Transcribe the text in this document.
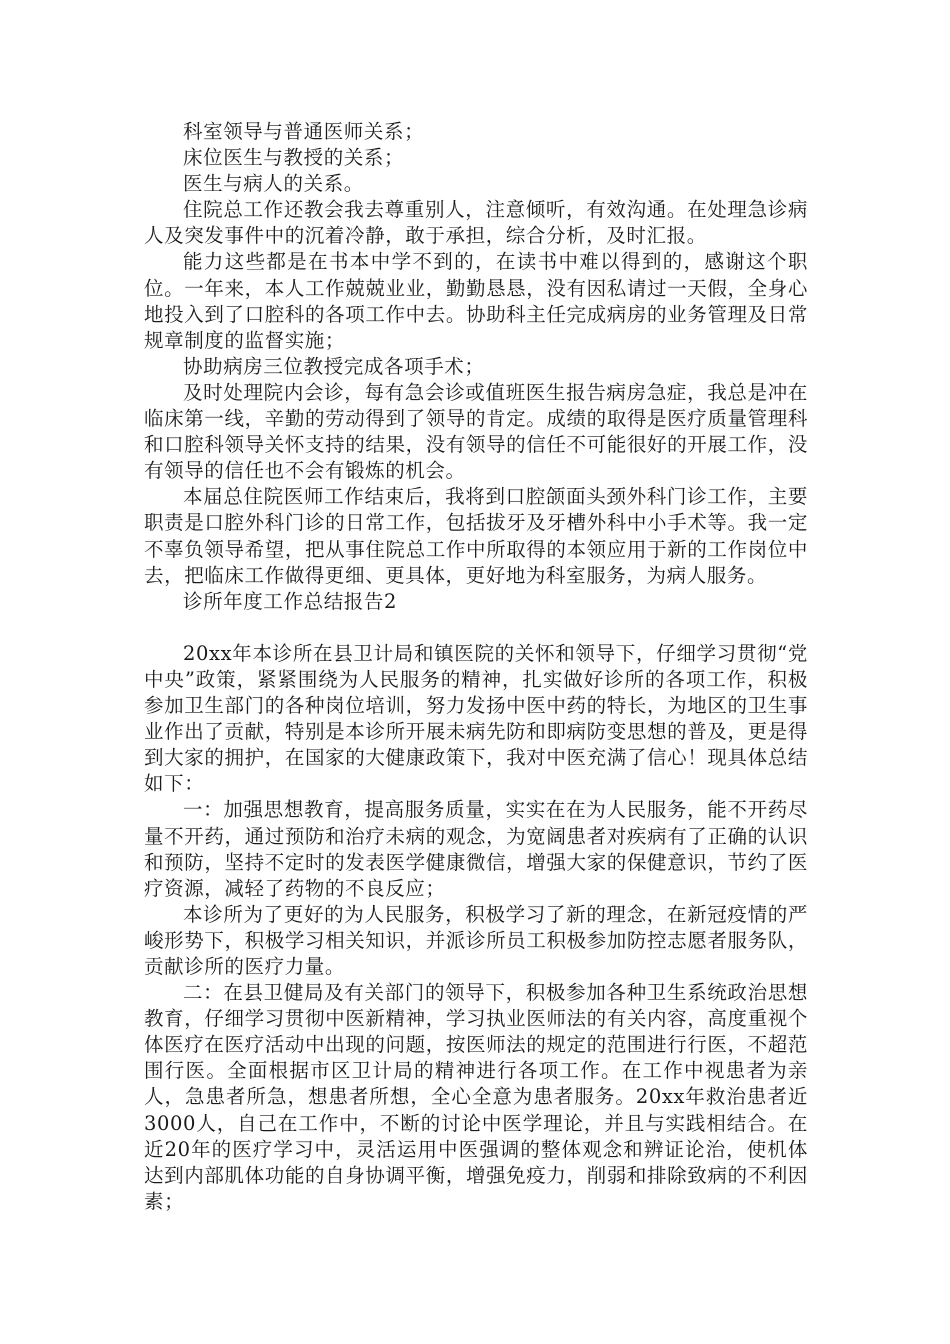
科室领导与普通医师关系；

床位医生与教授的关系；

医生与病人的关系。

住院总工作还教会我去尊重别人，注意倾听，有效沟通。在处理急诊病人及突发事件中的沉着冷静，敢于承担，综合分析，及时汇报。

能力这些都是在书本中学不到的，在读书中难以得到的，感谢这个职位。一年来，本人工作兢兢业业，勤勤恳恳，没有因私请过一天假，全身心地投入到了口腔科的各项工作中去。协助科主任完成病房的业务管理及日常规章制度的监督实施；

协助病房三位教授完成各项手术；

及时处理院内会诊，每有急会诊或值班医生报告病房急症，我总是冲在临床第一线，辛勤的劳动得到了领导的肯定。成绩的取得是医疗质量管理科和口腔科领导关怀支持的结果，没有领导的信任不可能很好的开展工作，没有领导的信任也不会有锻炼的机会。

本届总住院医师工作结束后，我将到口腔颌面头颈外科门诊工作，主要职责是口腔外科门诊的日常工作，包括拔牙及牙槽外科中小手术等。我一定不辜负领导希望，把从事住院总工作中所取得的本领应用于新的工作岗位中去，把临床工作做得更细、更具体，更好地为科室服务，为病人服务。

诊所年度工作总结报告2

20xx年本诊所在县卫计局和镇医院的关怀和领导下，仔细学习贯彻“党中央”政策，紧紧围绕为人民服务的精神，扎实做好诊所的各项工作，积极参加卫生部门的各种岗位培训，努力发扬中医中药的特长，为地区的卫生事业作出了贡献，特别是本诊所开展未病先防和即病防变思想的普及，更是得到大家的拥护，在国家的大健康政策下，我对中医充满了信心！现具体总结如下：

一：加强思想教育，提高服务质量，实实在在为人民服务，能不开药尽量不开药，通过预防和治疗未病的观念，为宽阔患者对疾病有了正确的认识和预防，坚持不定时的发表医学健康微信，增强大家的保健意识，节约了医疗资源，减轻了药物的不良反应；

本诊所为了更好的为人民服务，积极学习了新的理念，在新冠疫情的严峻形势下，积极学习相关知识，并派诊所员工积极参加防控志愿者服务队，贡献诊所的医疗力量。

二：在县卫健局及有关部门的领导下，积极参加各种卫生系统政治思想教育，仔细学习贯彻中医新精神，学习执业医师法的有关内容，高度重视个体医疗在医疗活动中出现的问题，按医师法的规定的范围进行行医，不超范围行医。全面根据市区卫计局的精神进行各项工作。在工作中视患者为亲人，急患者所急，想患者所想，全心全意为患者服务。20xx年救治患者近3000人，自己在工作中，不断的讨论中医学理论，并且与实践相结合。在近20年的医疗学习中，灵活运用中医强调的整体观念和辨证论治，使机体达到内部肌体功能的自身协调平衡，增强免疫力，削弱和排除致病的不利因素；
